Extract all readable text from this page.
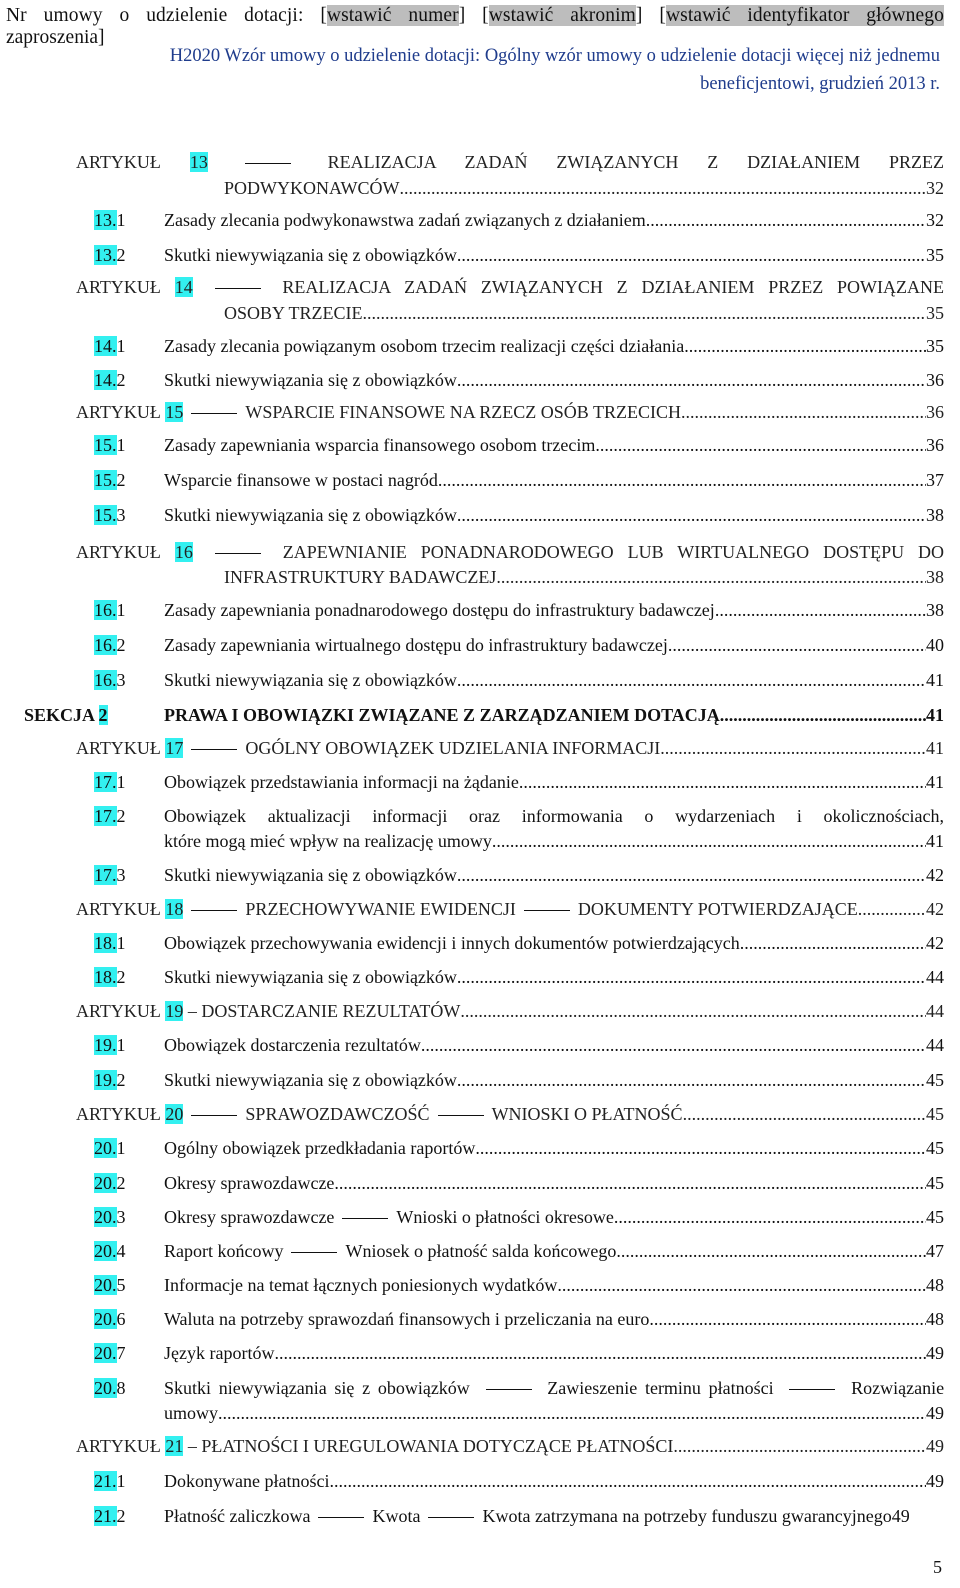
Nr umowy o udzielenie dotacji: [wstawić numer] [wstawić akronim] [wstawić identyfikator głównego
zaproszenia]
H2020 Wzór umowy o udzielenie dotacji: Ogólny wzór umowy o udzielenie dotacji więcej niż jednemu
beneficjentowi, grudzień 2013 r.
ARTYKUŁ 13	REALIZACJA ZADAŃ ZWIĄZANYCH Z DZIAŁANIEM PRZEZ
PODWYKONAWCÓW .....	32
13.1 Zasady zlecania podwykonawstwa zadań związanych z działaniem .....	32
13.2 Skutki niewywiązania się z obowiązków .....	35
ARTYKUŁ 14	REALIZACJA ZADAŃ ZWIĄZANYCH Z DZIAŁANIEM PRZEZ POWIĄZANE
OSOBY TRZECIE .....	35
14.1 Zasady zlecania powiązanym osobom trzecim realizacji części działania .....	35
14.2 Skutki niewywiązania się z obowiązków .....	36
ARTYKUŁ 15	WSPARCIE FINANSOWE NA RZECZ OSÓB TRZECICH .....	36
15.1 Zasady zapewniania wsparcia finansowego osobom trzecim .....	36
15.2 Wsparcie finansowe w postaci nagród .....	37
15.3 Skutki niewywiązania się z obowiązków .....	38
ARTYKUŁ 16	ZAPEWNIANIE PONADNARODOWEGO LUB WIRTUALNEGO DOSTĘPU DO
INFRASTRUKTURY BADAWCZEJ .....	38
16.1 Zasady zapewniania ponadnarodowego dostępu do infrastruktury badawczej .....	38
16.2 Zasady zapewniania wirtualnego dostępu do infrastruktury badawczej .....	40
16.3 Skutki niewywiązania się z obowiązków .....	41
SEKCJA 2	PRAWA I OBOWIĄZKI ZWIĄZANE Z ZARZĄDZANIEM DOTACJĄ .....	41
ARTYKUŁ 17	OGÓLNY OBOWIĄZEK UDZIELANIA INFORMACJI .....	41
17.1 Obowiązek przedstawiania informacji na żądanie .....	41
17.2 Obowiązek aktualizacji informacji oraz informowania o wydarzeniach i okolicznościach,
które mogą mieć wpływ na realizację umowy .....	41
17.3 Skutki niewywiązania się z obowiązków .....	42
ARTYKUŁ 18	PRZECHOWYWANIE EWIDENCJI	DOKUMENTY POTWIERDZAJĄCE .....	42
18.1 Obowiązek przechowywania ewidencji i innych dokumentów potwierdzających .....	42
18.2 Skutki niewywiązania się z obowiązków .....	44
ARTYKUŁ 19 – DOSTARCZANIE REZULTATÓW .....	44
19.1 Obowiązek dostarczenia rezultatów .....	44
19.2 Skutki niewywiązania się z obowiązków .....	45
ARTYKUŁ 20	SPRAWOZDAWCZOŚĆ	WNIOSKI O PŁATNOŚĆ .....	45
20.1 Ogólny obowiązek przedkładania raportów .....	45
20.2 Okresy sprawozdawcze .....	45
20.3 Okresy sprawozdawcze	Wnioski o płatności okresowe .....	45
20.4 Raport końcowy	Wniosek o płatność salda końcowego .....	47
20.5 Informacje na temat łącznych poniesionych wydatków .....	48
20.6 Waluta na potrzeby sprawozdań finansowych i przeliczania na euro .....	48
20.7 Język raportów .....	49
20.8 Skutki niewywiązania się z obowiązków	Zawieszenie terminu płatności	Rozwiązanie
umowy .....	49
ARTYKUŁ 21 – PŁATNOŚCI I UREGULOWANIA DOTYCZĄCE PŁATNOŚCI .....	49
21.1 Dokonywane płatności .....	49
21.2 Płatność zaliczkowa	Kwota	Kwota zatrzymana na potrzeby funduszu gwarancyjnego 49
5
